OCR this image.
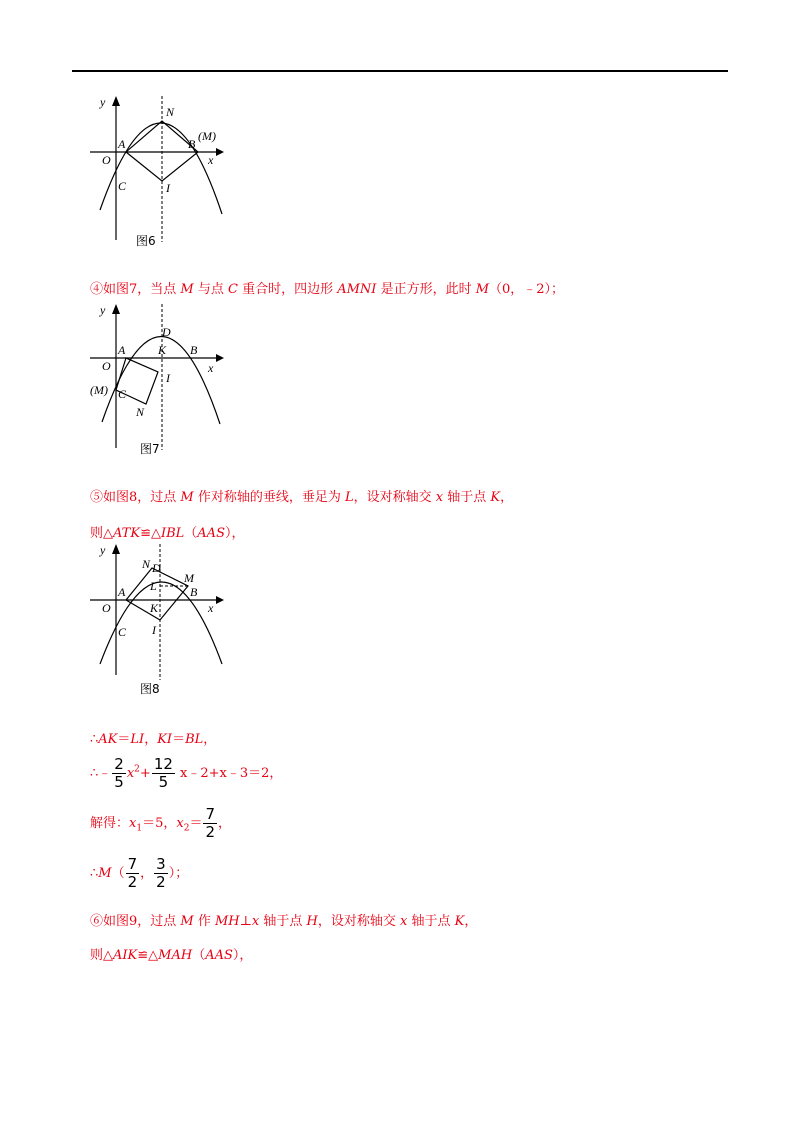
y
x
O
A	B
(M)
N
C	I
图6
④如图7，当点 M 与点 C 重合时，四边形 AMNI 是正方形，此时 M（0，﹣2）；
y
x
O
A	K B
D
(M) C
I
N
图7
⑤如图8，过点 M 作对称轴的垂线，垂足为 L，设对称轴交 x 轴于点 K，
则△ATK≌△IBL（AAS），
y
x
O
A
N D
M
B
L
K
C I
图8
∴AK＝LI，KI＝BL，
∴﹣ $\frac{2}{5} x^2+ \frac{12}{5}$ x﹣2+x﹣3＝2，
解得：$x_1=5$，$x_2= \frac{7}{2}$ ，
∴M（ $\frac{7}{2}$ ， $\frac{3}{2}$ ）；
⑥如图9，过点 M 作 MH⊥x 轴于点 H，设对称轴交 x 轴于点 K，
则△AIK≌△MAH（AAS），
